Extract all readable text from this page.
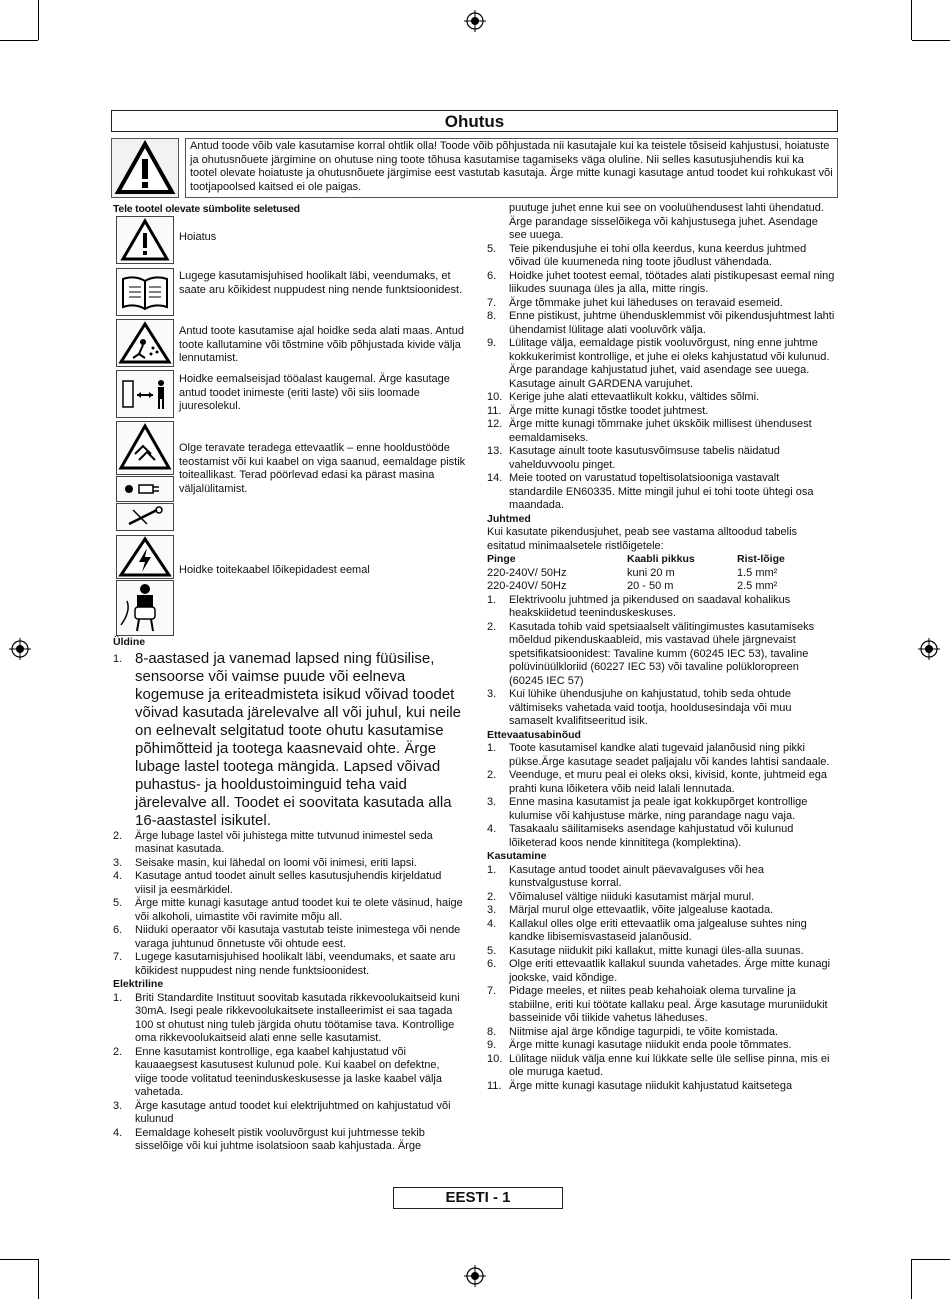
Ohutus
Antud toode võib vale kasutamise korral ohtlik olla! Toode võib põhjustada nii kasutajale kui ka teistele tõsiseid kahjustusi, hoiatuste ja ohutusnõuete järgimine on ohutuse ning toote tõhusa kasutamise tagamiseks väga oluline. Nii selles kasutusjuhendis kui ka tootel olevate hoiatuste ja ohutusnõuete järgimise eest vastutab kasutaja. Ärge mitte kunagi kasutage antud toodet kui rohkukast või tootjapoolsed kaitsed ei ole paigas.
Tele tootel olevate sümbolite seletused
Hoiatus
Lugege kasutamisjuhised hoolikalt läbi, veendumaks, et saate aru kõikidest nuppudest ning nende funktsioonidest.
Antud toote kasutamise ajal hoidke seda alati maas. Antud toote kallutamine või tõstmine võib põhjustada kivide välja lennutamist.
Hoidke eemalseisjad tööalast kaugemal. Ärge kasutage antud toodet inimeste (eriti laste) või siis loomade juuresolekul.
Olge teravate teradega ettevaatlik – enne hooldustööde teostamist või kui kaabel on viga saanud, eemaldage pistik toiteallikast. Terad pöörlevad edasi ka pärast masina väljalülitamist.
Hoidke toitekaabel lõikepidadest eemal
Üldine
1. 8-aastased ja vanemad lapsed ning füüsilise, sensoorse või vaimse puude või eelneva kogemuse ja eriteadmisteta isikud võivad toodet võivad kasutada järelevalve all või juhul, kui neile on eelnevalt selgitatud toote ohutu kasutamise põhimõtteid ja tootega kaasnevaid ohte. Ärge lubage lastel tootega mängida. Lapsed võivad puhastus- ja hooldustoiminguid teha vaid järelevalve all. Toodet ei soovitata kasutada alla 16-aastastel isikutel.
2. Ärge lubage lastel või juhistega mitte tutvunud inimestel seda masinat kasutada.
3. Seisake masin, kui lähedal on loomi või inimesi, eriti lapsi.
4. Kasutage antud toodet ainult selles kasutusjuhendis kirjeldatud viisil ja eesmärkidel.
5. Ärge mitte kunagi kasutage antud toodet kui te olete väsinud, haige või alkoholi, uimastite või ravimite mõju all.
6. Niiduki operaator või kasutaja vastutab teiste inimestega või nende varaga juhtunud õnnetuste või ohtude eest.
7. Lugege kasutamisjuhised hoolikalt läbi, veendumaks, et saate aru kõikidest nuppudest ning nende funktsioonidest.
Elektriline
1. Briti Standardite Instituut soovitab kasutada rikkevoolukaitseid kuni 30mA. Isegi peale rikkevoolukaitsete installeerimist ei saa tagada 100 st ohutust ning tuleb järgida ohutu töötamise tava. Kontrollige oma rikkevoolukaitseid alati enne selle kasutamist.
2. Enne kasutamist kontrollige, ega kaabel kahjustatud või kauaaegsest kasutusest kulunud pole. Kui kaabel on defektne, viige toode volitatud teeninduskeskusesse ja laske kaabel välja vahetada.
3. Ärge kasutage antud toodet kui elektrijuhtmed on kahjustatud või kulunud
4. Eemaldage koheselt pistik vooluvõrgust kui juhtmesse tekib sisselõige või kui juhtme isolatsioon saab kahjustada. Ärge
puutuge juhet enne kui see on vooluühendusest lahti ühendatud. Ärge parandage sisselõikega või kahjustusega juhet. Asendage see uuega.
5. Teie pikendusjuhe ei tohi olla keerdus, kuna keerdus juhtmed võivad üle kuumeneda ning toote jõudlust vähendada.
6. Hoidke juhet tootest eemal, töötades alati pistikupesast eemal ning liikudes suunaga üles ja alla, mitte ringis.
7. Ärge tõmmake juhet kui läheduses on teravaid esemeid.
8. Enne pistikust, juhtme ühendusklemmist või pikendusjuhtmest lahti ühendamist lülitage alati vooluvõrk välja.
9. Lülitage välja, eemaldage pistik vooluvõrgust, ning enne juhtme kokkukerimist kontrollige, et juhe ei oleks kahjustatud või kulunud. Ärge parandage kahjustatud juhet, vaid asendage see uuega. Kasutage ainult GARDENA varujuhet.
10. Kerige juhe alati ettevaatlikult kokku, vältides sõlmi.
11. Ärge mitte kunagi tõstke toodet juhtmest.
12. Ärge mitte kunagi tõmmake juhet ükskõik millisest ühendusest eemaldamiseks.
13. Kasutage ainult toote kasutusvõimsuse tabelis näidatud vahelduvvoolu pinget.
14. Meie tooted on varustatud topeltisolatsiooniga vastavalt standardile EN60335. Mitte mingil juhul ei tohi toote ühtegi osa maandada.
Juhtmed
Kui kasutate pikendusjuhet, peab see vastama alltoodud tabelis esitatud minimaalsetele ristlõigetele:
Pinge	Kaabli pikkus	Rist-lõige
220-240V/ 50Hz	kuni 20 m	1.5 mm²
220-240V/ 50Hz	20 - 50 m	2.5 mm²
1. Elektrivoolu juhtmed ja pikendused on saadaval kohalikus heakskiidetud teeninduskeskuses.
2. Kasutada tohib vaid spetsiaalselt välitingimustes kasutamiseks mõeldud pikenduskaableid, mis vastavad ühele järgnevaist spetsifikatsioonidest: Tavaline kumm (60245 IEC 53), tavaline polüvinüülkloriid (60227 IEC 53) või tavaline polükloropreen (60245 IEC 57)
3. Kui lühike ühendusjuhe on kahjustatud, tohib seda ohtude vältimiseks vahetada vaid tootja, hooldusesindaja või muu samaselt kvalifitseeritud isik.
Ettevaatusabinõud
1. Toote kasutamisel kandke alati tugevaid jalanõusid ning pikki pükse.Ärge kasutage seadet paljajalu või kandes lahtisi sandaale.
2. Veenduge, et muru peal ei oleks oksi, kivisid, konte, juhtmeid ega prahti kuna lõiketera võib neid lalali lennutada.
3. Enne masina kasutamist ja peale igat kokkupõrget kontrollige kulumise või kahjustuse märke, ning parandage nagu vaja.
4. Tasakaalu säilitamiseks asendage kahjustatud või kulunud lõiketerad koos nende kinnititega (komplektina).
Kasutamine
1. Kasutage antud toodet ainult päevavalguses või hea kunstvalgustuse korral.
2. Võimalusel vältige niiduki kasutamist märjal murul.
3. Märjal murul olge ettevaatlik, võite jalgealuse kaotada.
4. Kallakul olles olge eriti ettevaatlik oma jalgealuse suhtes ning kandke libisemisvastaseid jalanõusid.
5. Kasutage niidukit piki kallakut, mitte kunagi üles-alla suunas.
6. Olge eriti ettevaatlik kallakul suunda vahetades. Ärge mitte kunagi jookske, vaid kõndige.
7. Pidage meeles, et niites peab kehahoiak olema turvaline ja stabiilne, eriti kui töötate kallaku peal. Ärge kasutage muruniidukit basseinide või tiikide vahetus läheduses.
8. Niitmise ajal ärge kõndige tagurpidi, te võite komistada.
9. Ärge mitte kunagi kasutage niidukit enda poole tõmmates.
10. Lülitage niiduk välja enne kui lükkate selle üle sellise pinna, mis ei ole muruga kaetud.
11. Ärge mitte kunagi kasutage niidukit kahjustatud kaitsetega
EESTI - 1
